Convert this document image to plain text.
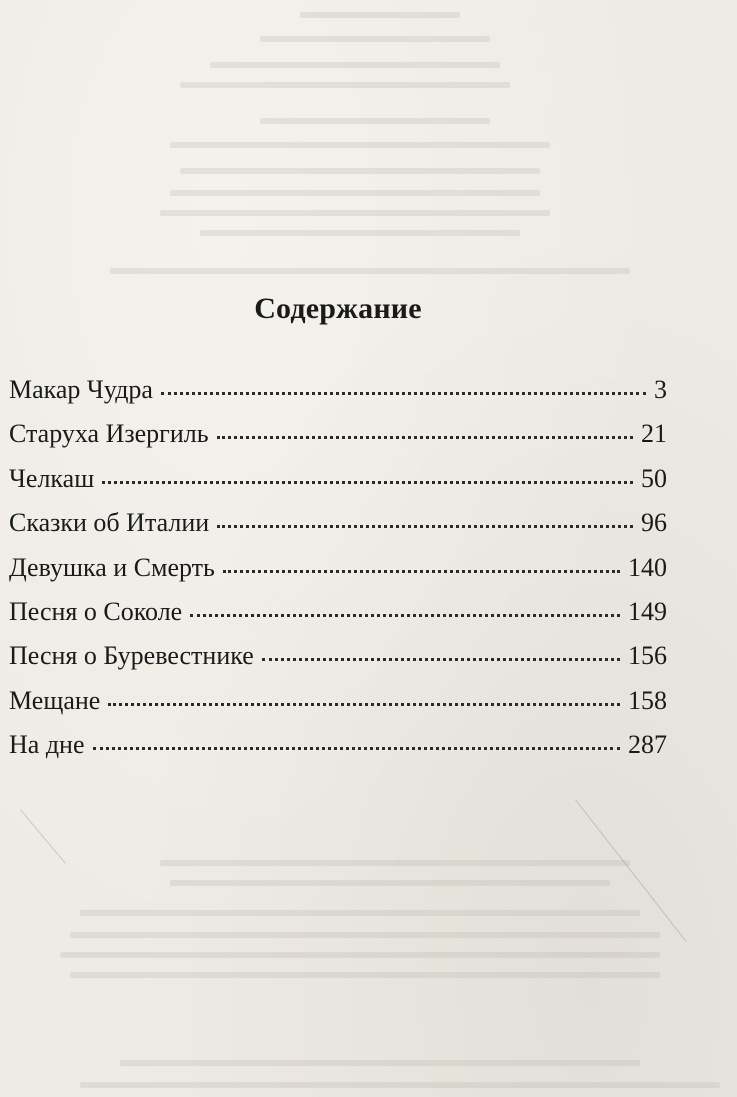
Содержание
Макар Чудра	3
Старуха Изергиль	21
Челкаш	50
Сказки об Италии	96
Девушка и Смерть	140
Песня о Соколе	149
Песня о Буревестнике	156
Мещане	158
На дне	287
